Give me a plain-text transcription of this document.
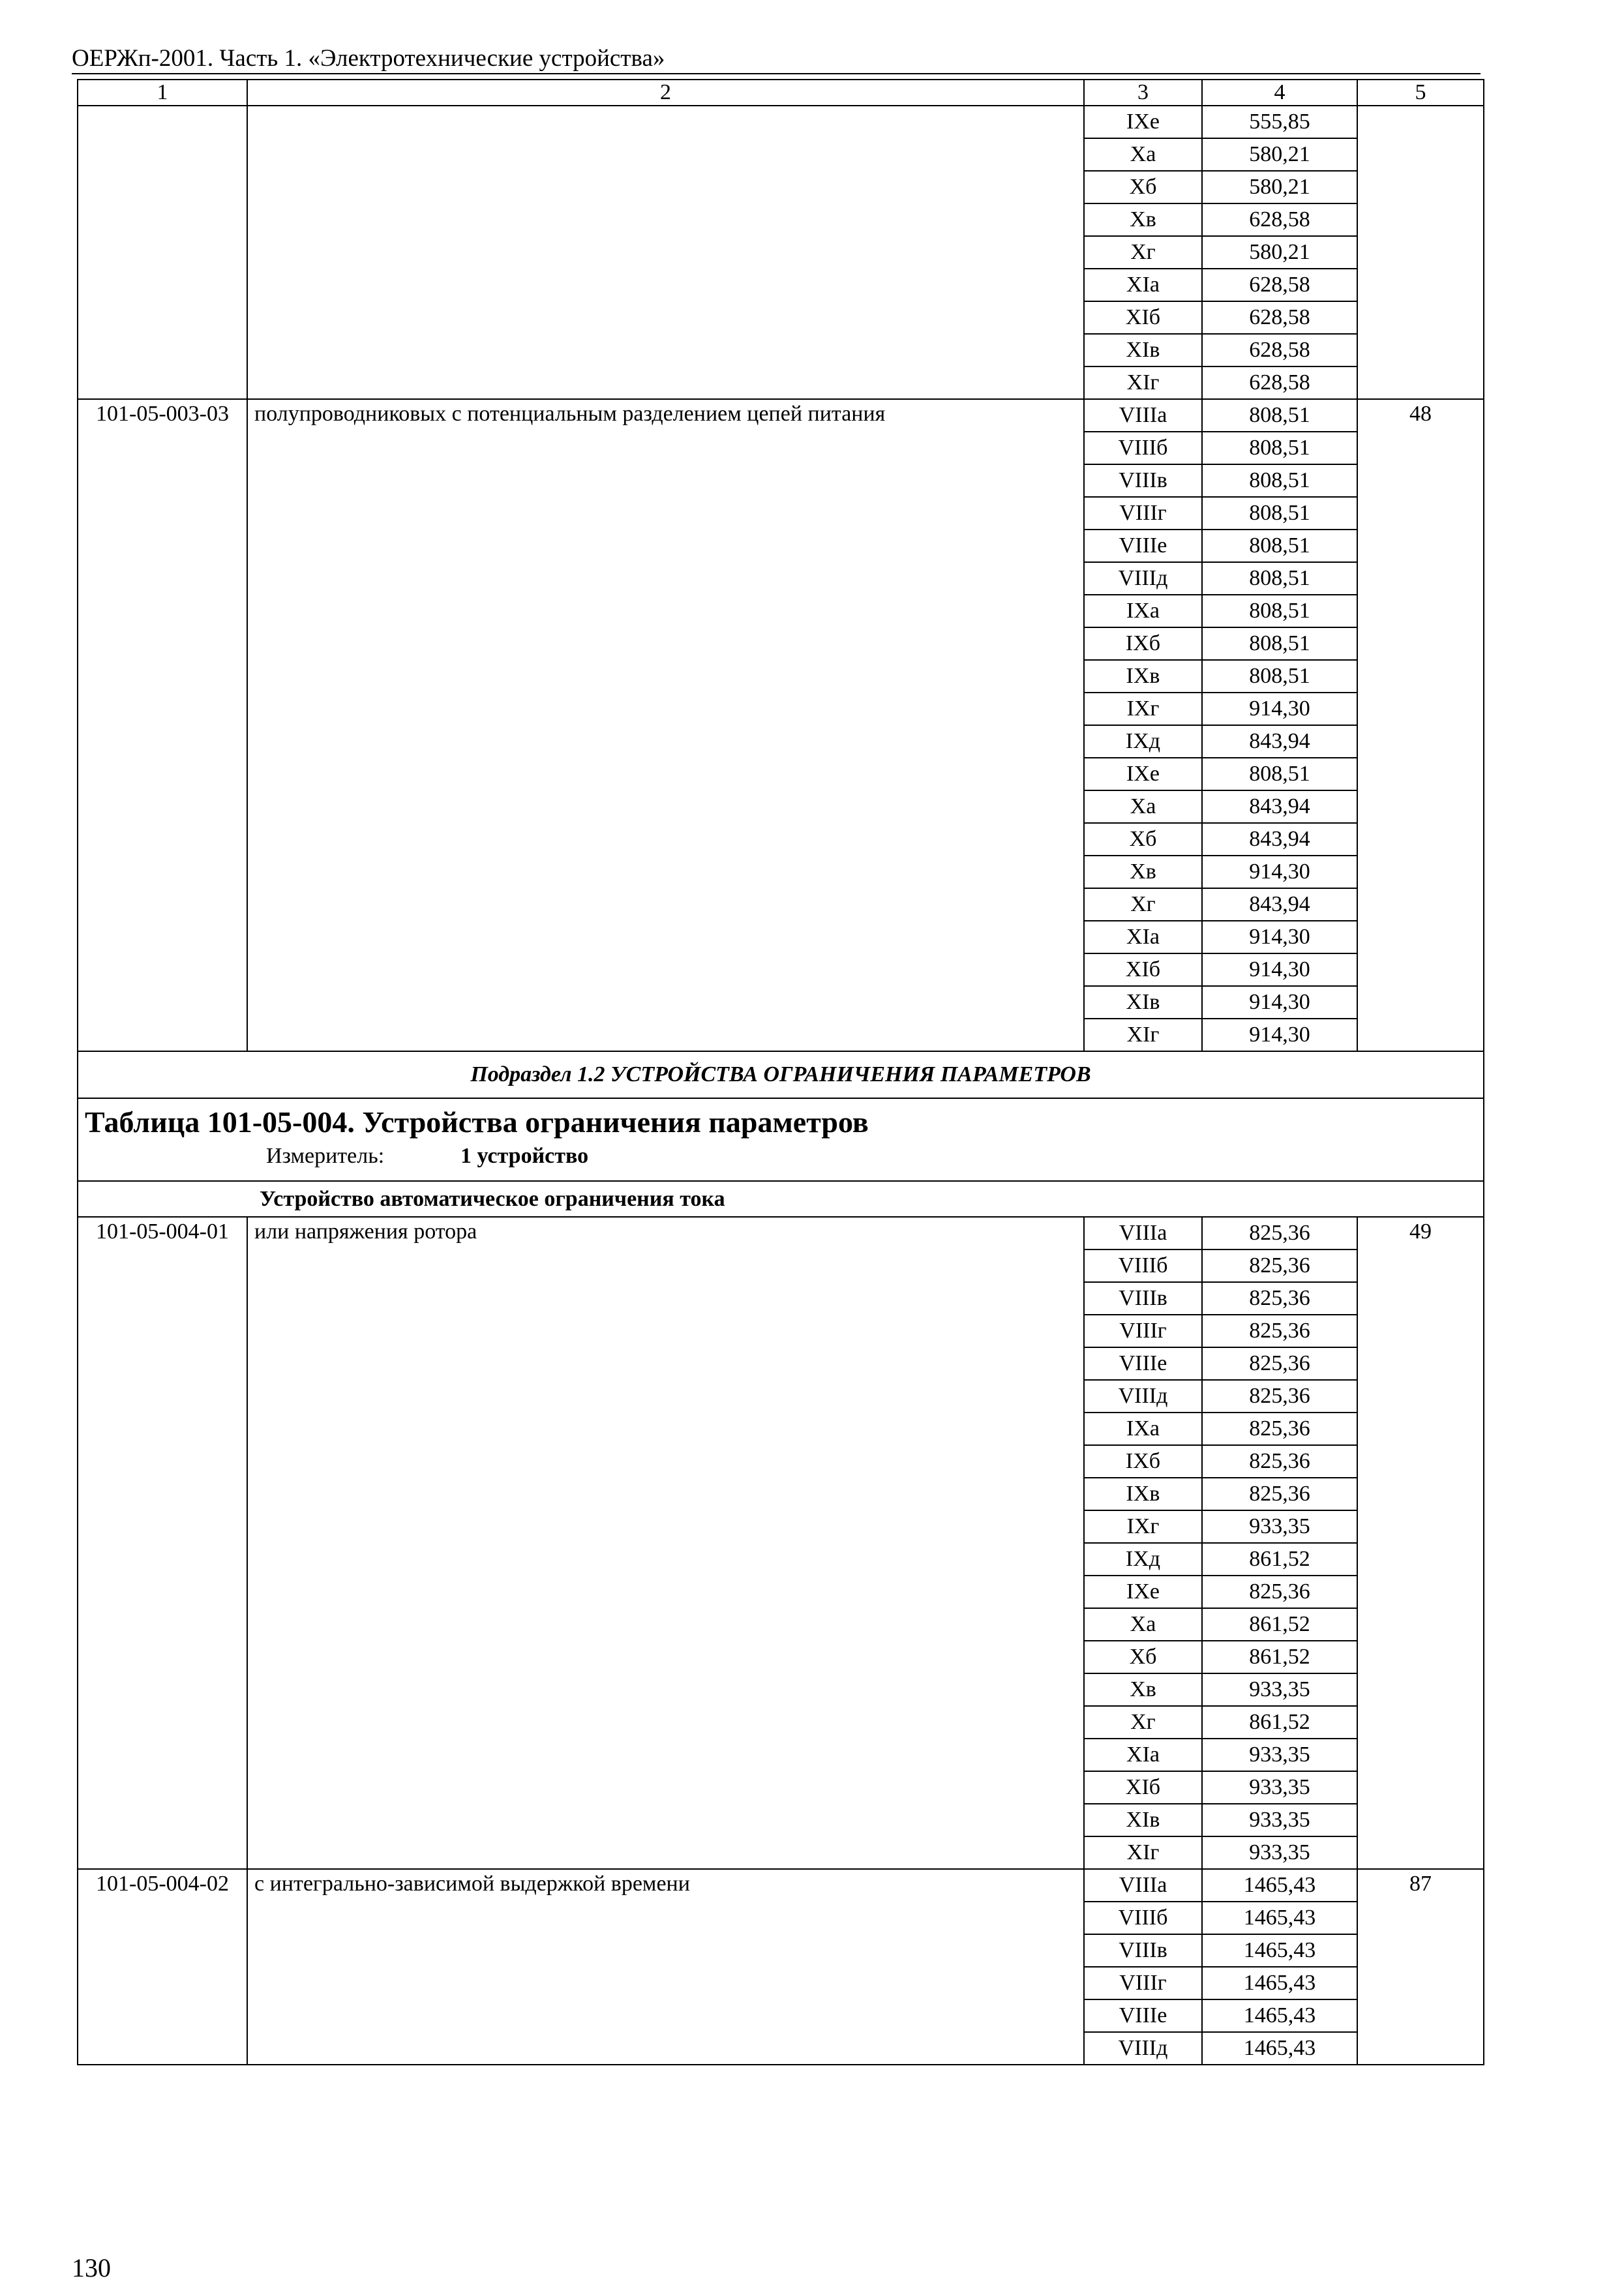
ОЕРЖп-2001. Часть 1. «Электротехнические устройства»
1	2	3	4	5
		IXe	555,85	
		Xa	580,21	
		Xб	580,21	
		Xв	628,58	
		Xг	580,21	
		XIa	628,58	
		XIб	628,58	
		XIв	628,58	
		XIг	628,58	
101-05-003-03	полупроводниковых с потенциальным разделением цепей питания	VIIIa	808,51	48
		VIIIб	808,51	
		VIIIв	808,51	
		VIIIг	808,51	
		VIIIe	808,51	
		VIIIд	808,51	
		IXa	808,51	
		IXб	808,51	
		IXв	808,51	
		IXг	914,30	
		IXд	843,94	
		IXe	808,51	
		Xa	843,94	
		Xб	843,94	
		Xв	914,30	
		Xг	843,94	
		XIa	914,30	
		XIб	914,30	
		XIв	914,30	
		XIг	914,30	
Подраздел 1.2 УСТРОЙСТВА ОГРАНИЧЕНИЯ ПАРАМЕТРОВ				

Таблица 101-05-004. Устройства ограничения параметров
Измеритель: 1 устройство				

Устройство автоматическое ограничения тока				
101-05-004-01	или напряжения ротора	VIIIa	825,36	49
		VIIIб	825,36	
		VIIIв	825,36	
		VIIIг	825,36	
		VIIIe	825,36	
		VIIIд	825,36	
		IXa	825,36	
		IXб	825,36	
		IXв	825,36	
		IXг	933,35	
		IXд	861,52	
		IXe	825,36	
		Xa	861,52	
		Xб	861,52	
		Xв	933,35	
		Xг	861,52	
		XIa	933,35	
		XIб	933,35	
		XIв	933,35	
		XIг	933,35	
101-05-004-02	с интегрально-зависимой выдержкой времени	VIIIa	1465,43	87
		VIIIб	1465,43	
		VIIIв	1465,43	
		VIIIг	1465,43	
		VIIIe	1465,43	
		VIIIд	1465,43	
130
